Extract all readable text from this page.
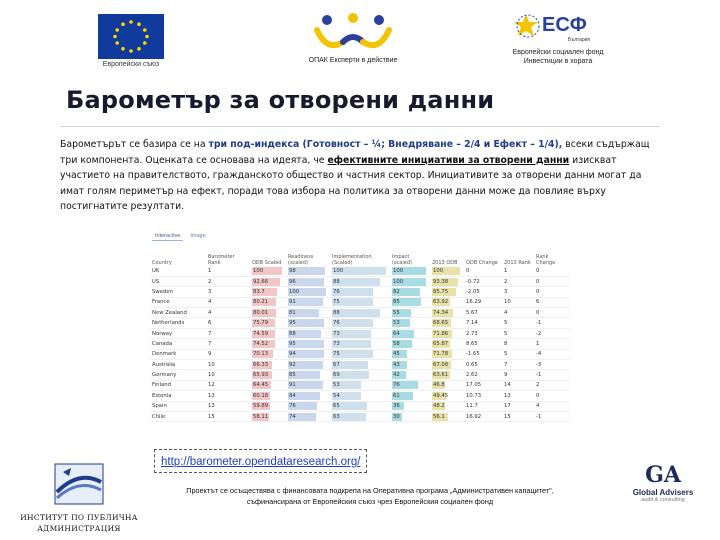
Европейски съюз
ОПАК Експерти в действие
ЕСФ
България
Европейски социален фонд
Инвестиции в хората
Барометър за отворени данни
Барометърът се базира се на три под-индекса (Готовност – ¼; Внедряване – 2/4 и Ефект – 1/4), всеки съдържащ три компонента. Оценката се основава на идеята, че ефективните инициативи за отворени данни изискват участието на правителството, гражданското общество и частния сектор. Инициативите за отворени данни могат да имат голям периметър на ефект, поради това избора на политика за отворени данни може да повлияе върху постигнатите резултати.
Interactive	Image
Country	Barometer Rank	ODB Scaled	Readiness (scaled)	Implementation (Scaled)	Impact (scaled)	2013 ODB	ODB Change	2013 Rank	Rank Change
UK	1	100	98	100	100	100	0	1	0
US	2	92.66	96	88	100	93.38	-0.72	2	0
Sweden	3	83.7	100	76	82	85.75	-2.05	3	0
France	4	80.21	91	75	85	63.92	16.29	10	6
New Zealand	4	80.01	81	88	55	74.34	5.67	4	0
Netherlands	6	75.79	95	76	53	68.65	7.14	5	-1
Norway	7	74.59	88	73	64	71.86	2.73	5	-2
Canada	7	74.52	95	73	58	65.87	8.65	8	1
Denmark	9	70.13	94	75	45	71.78	-1.65	5	-4
Australia	10	66.33	92	67	43	67.08	0.65	7	-3
Germany	10	65.93	85	69	42	63.61	2.62	9	-1
Finland	12	64.45	91	53	76	46.8	17.05	14	2
Estonia	13	60.18	84	54	61	49.45	10.73	13	0
Spain	13	59.89	76	65	36	48.2	11.7	17	4
Chile	15	58.11	74	63	30	56.1	16.92	15	-1
http://barometer.opendataresearch.org/
ИНСТИТУТ ПО ПУБЛИЧНА
АДМИНИСТРАЦИЯ
Проектът се осъществява с финансовата подкрепа на Оперативна програма „Административен капацитет", съфинансирана от Европейския съюз чрез Европейския социален фонд
GA
Global Advisers
audit & consulting
